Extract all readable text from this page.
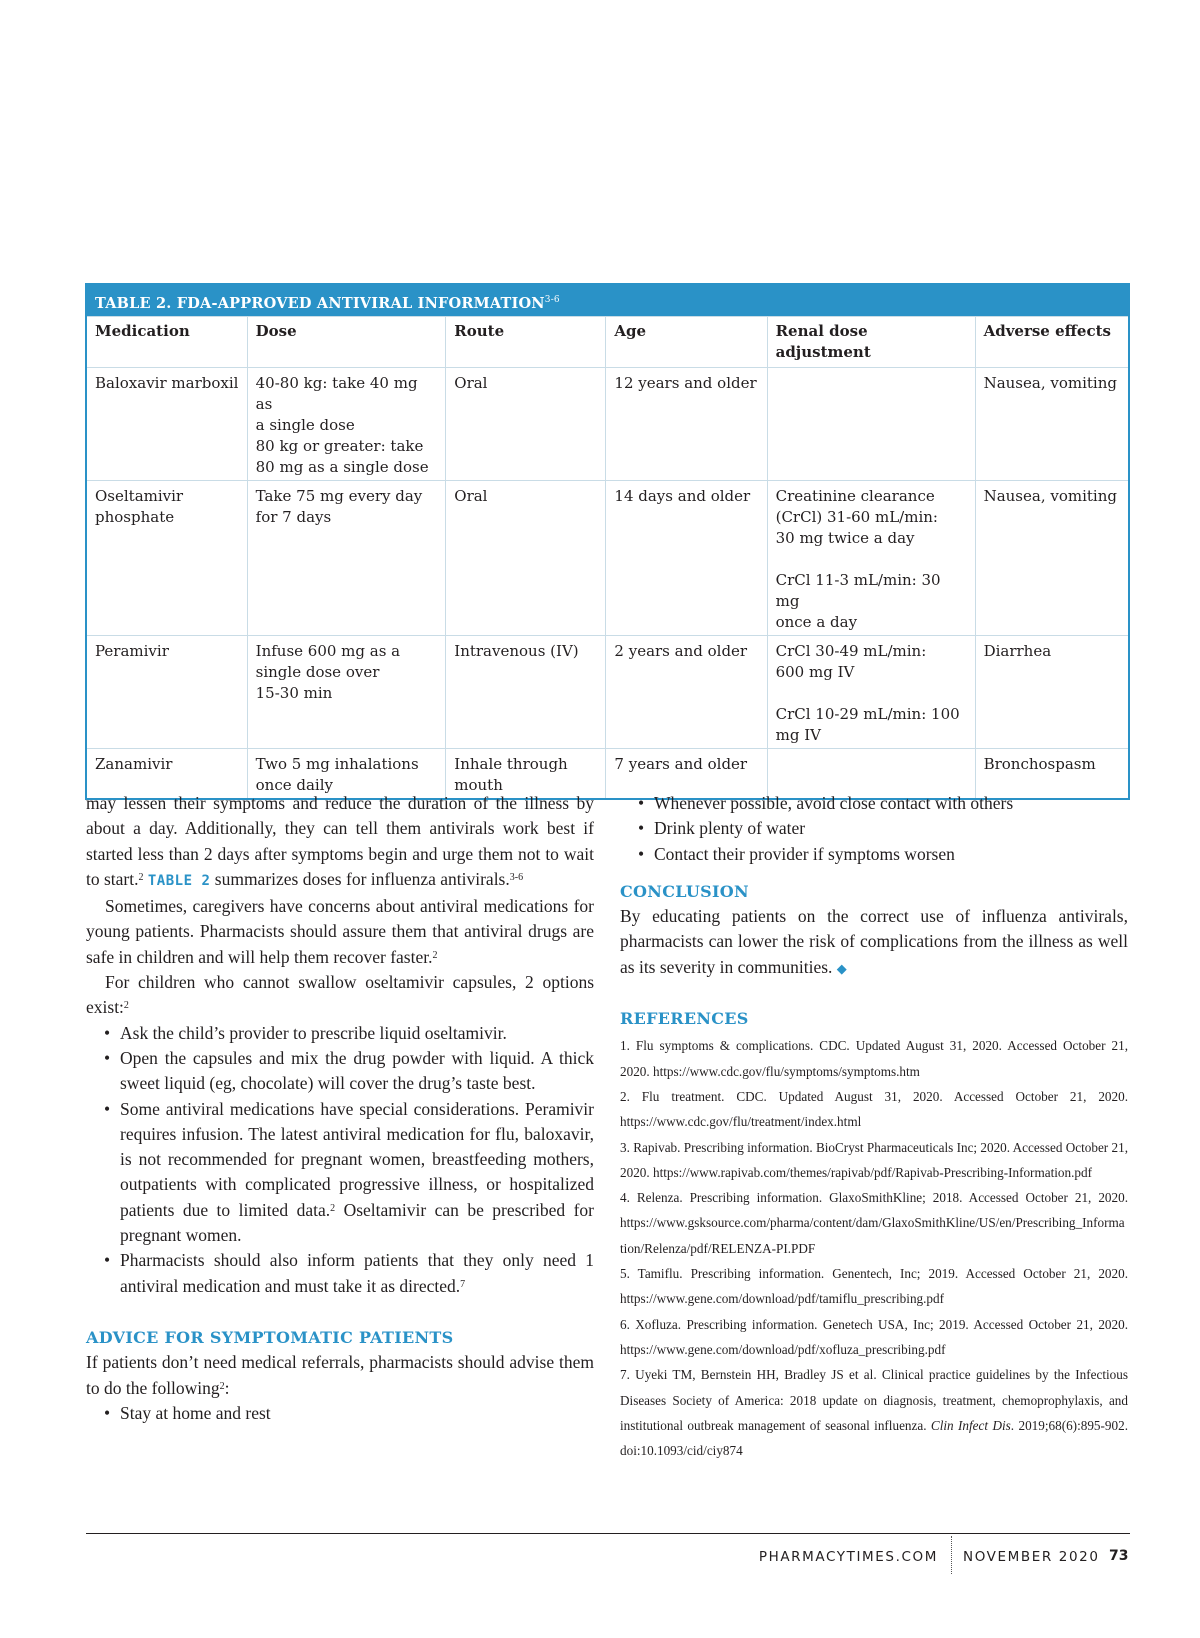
TABLE 2. FDA-APPROVED ANTIVIRAL INFORMATION$^{3-6}$
Medication	Dose	Route	Age	Renal dose adjustment	Adverse effects

Baloxavir marboxil	40-80 kg: take 40 mg as
a single dose
80 kg or greater: take
80 mg as a single dose	Oral	12 years and older		Nausea, vomiting

Oseltamivir
phosphate	Take 75 mg every day
for 7 days	Oral	14 days and older	Creatinine clearance
(CrCl) 31-60 mL/min:
30 mg twice a day
CrCl 11-3 mL/min: 30 mg
once a day	Nausea, vomiting

Peramivir	Infuse 600 mg as a
single dose over
15-30 min	Intravenous (IV)	2 years and older	CrCl 30-49 mL/min:
600 mg IV
CrCl 10-29 mL/min: 100
mg IV	Diarrhea

Zanamivir	Two 5 mg inhalations
once daily	Inhale through
mouth	7 years and older		Bronchospasm

may lessen their symptoms and reduce the duration of the illness by about a day. Additionally, they can tell them antivirals work best if started less than 2 days after symptoms begin and urge them not to wait to start.$^2$ TABLE 2 summarizes doses for influenza antivirals.$^{3-6}$

Sometimes, caregivers have concerns about antiviral medications for young patients. Pharmacists should assure them that antiviral drugs are safe in children and will help them recover faster.$^2$

For children who cannot swallow oseltamivir capsules, 2 options exist:$^2$

• Ask the child’s provider to prescribe liquid oseltamivir.

• Open the capsules and mix the drug powder with liquid. A thick sweet liquid (eg, chocolate) will cover the drug’s taste best.

• Some antiviral medications have special considerations. Peramivir requires infusion. The latest antiviral medication for flu, baloxavir, is not recommended for pregnant women, breastfeeding mothers, outpatients with complicated progressive illness, or hospitalized patients due to limited data.$^2$ Oseltamivir can be prescribed for pregnant women.

• Pharmacists should also inform patients that they only need 1 antiviral medication and must take it as directed.$^7$

ADVICE FOR SYMPTOMATIC PATIENTS

If patients don’t need medical referrals, pharmacists should advise them to do the following$^2$:

• Stay at home and rest

• Whenever possible, avoid close contact with others

• Drink plenty of water

• Contact their provider if symptoms worsen

CONCLUSION

By educating patients on the correct use of influenza antivirals, pharmacists can lower the risk of complications from the illness as well as its severity in communities. ◆

REFERENCES
1. Flu symptoms & complications. CDC. Updated August 31, 2020. Accessed October 21, 2020. https://www.cdc.gov/flu/symptoms/symptoms.htm
2. Flu treatment. CDC. Updated August 31, 2020. Accessed October 21, 2020. https://www.cdc.gov/flu/treatment/index.html
3. Rapivab. Prescribing information. BioCryst Pharmaceuticals Inc; 2020. Accessed October 21, 2020. https://www.rapivab.com/themes/rapivab/pdf/Rapivab-Prescribing-Information.pdf
4. Relenza. Prescribing information. GlaxoSmithKline; 2018. Accessed October 21, 2020. https://www.gsksource.com/pharma/content/dam/GlaxoSmithKline/US/en/Prescribing_Information/Relenza/pdf/RELENZA-PI.PDF
5. Tamiflu. Prescribing information. Genentech, Inc; 2019. Accessed October 21, 2020. https://www.gene.com/download/pdf/tamiflu_prescribing.pdf
6. Xofluza. Prescribing information. Genetech USA, Inc; 2019. Accessed October 21, 2020. https://www.gene.com/download/pdf/xofluza_prescribing.pdf
7. Uyeki TM, Bernstein HH, Bradley JS et al. Clinical practice guidelines by the Infectious Diseases Society of America: 2018 update on diagnosis, treatment, chemoprophylaxis, and institutional outbreak management of seasonal influenza. Clin Infect Dis. 2019;68(6):895-902. doi:10.1093/cid/ciy874
PHARMACYTIMES.COM NOVEMBER 2020 73
